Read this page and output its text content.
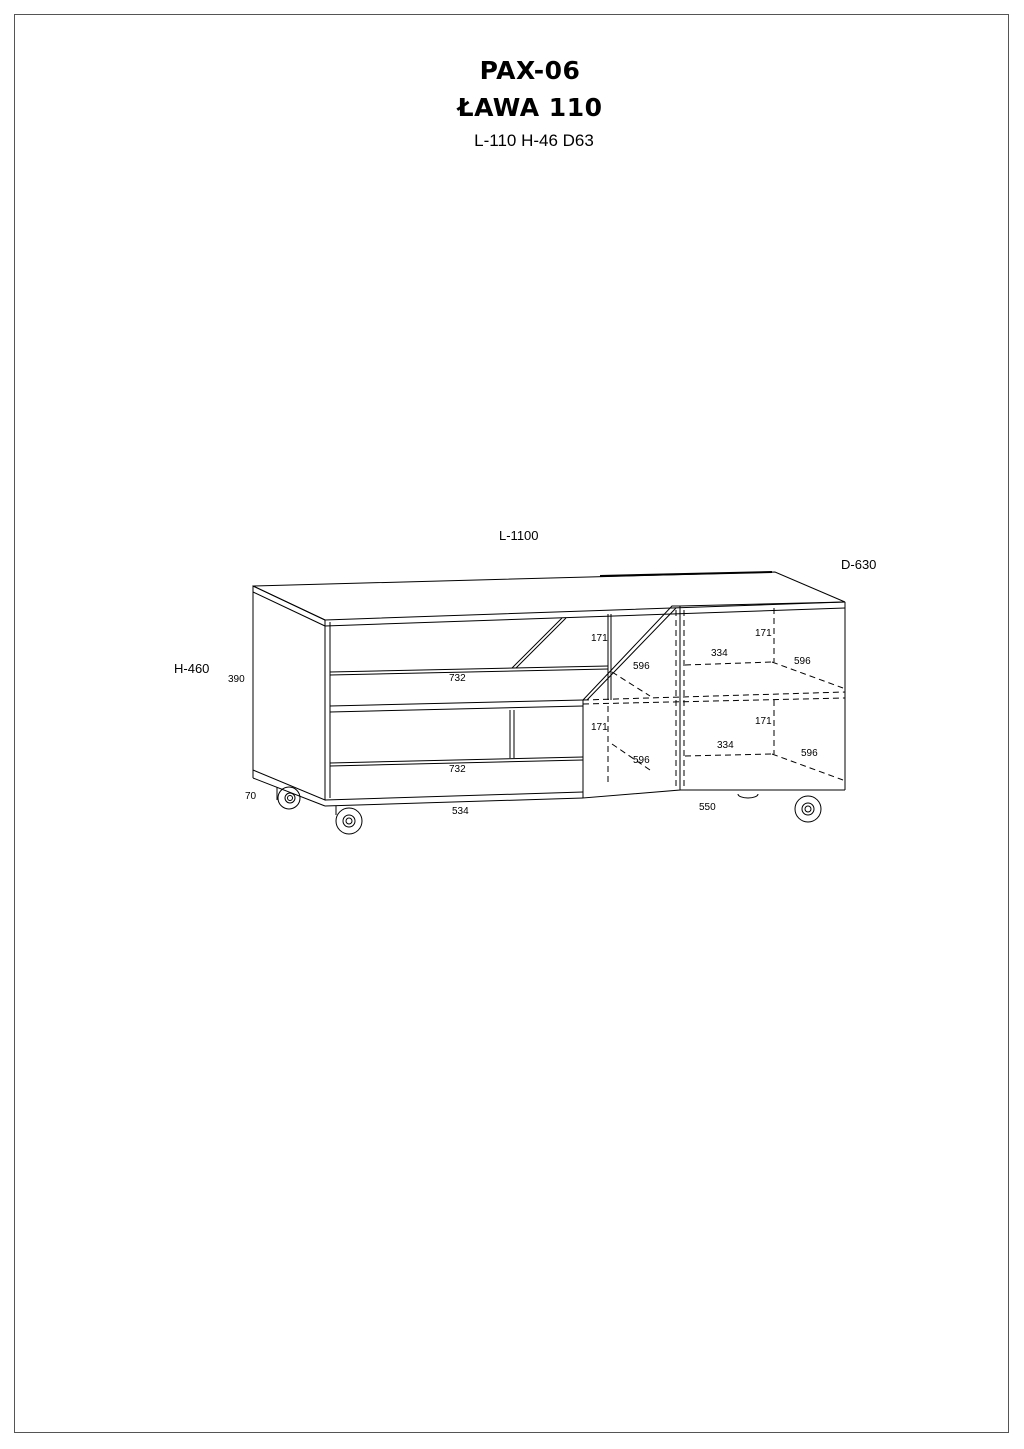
PAX-06
ŁAWA 110
L-110 H-46 D63
L-1100
D-630
H-460
390
70
732
732
534	550
171
596
171
596
334
171
596
334
171
596
